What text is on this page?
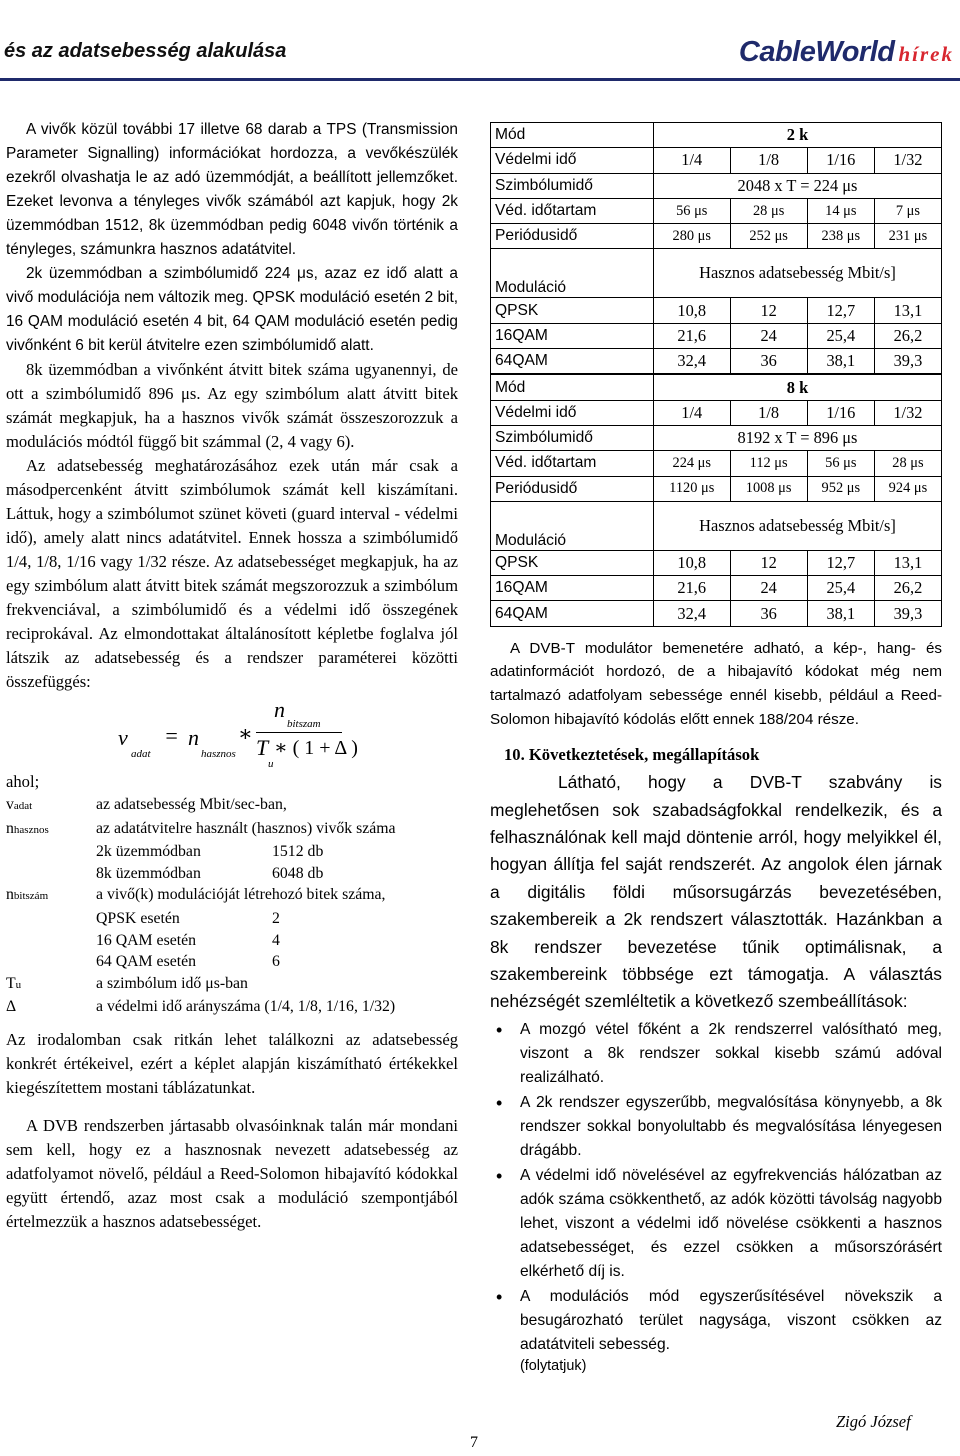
és az adatsebesség alakulása	CableWorld hírek

A vivők közül további 17 illetve 68 darab a TPS (Transmission Parameter Signalling) információkat hordozza, a vevőkészülék ezekről olvashatja le az adó üzemmódját, a beállított jellemzőket. Ezeket levonva a tényleges vivők számából azt kapjuk, hogy 2k üzemmódban 1512, 8k üzemmódban pedig 6048 vivőn történik a tényleges, számunkra hasznos adatátvitel.

2k üzemmódban a szimbólumidő 224 μs, azaz ez idő alatt a vivő modulációja nem változik meg. QPSK moduláció esetén 2 bit, 16 QAM moduláció esetén 4 bit, 64 QAM moduláció esetén pedig vivőnként 6 bit kerül átvitelre ezen szimbólumidő alatt.

8k üzemmódban a vivőnként átvitt bitek száma ugyanennyi, de ott a szimbólumidő 896 μs. Az egy szimbólum alatt átvitt bitek számát megkapjuk, ha a hasznos vivők számát összeszorozzuk a modulációs módtól függő bit számmal (2, 4 vagy 6).

Az adatsebesség meghatározásához ezek után már csak a másodpercenként átvitt szimbólumok számát kell kiszámítani. Láttuk, hogy a szimbólumot szünet követi (guard interval - védelmi idő), amely alatt nincs adatátvitel. Ennek hossza a szimbólumidő 1/4, 1/8, 1/16 vagy 1/32 része. Az adatsebességet megkapjuk, ha az egy szimbólum alatt átvitt bitek számát megszorozzuk a szimbólum frekvenciával, a szimbólumidő és a védelmi idő összegének reciprokával. Az elmondottakat általánosított képletbe foglalva jól látszik az adatsebesség és a rendszer paraméterei közötti összefüggés:

v
adat
= n
hasznos
∗
n
bitszam
T
u
∗ ( 1 + Δ )

ahol;

vadat	az adatsebesség Mbit/sec-ban,	
nhasznos	az adatátvitelre használt (hasznos) vivők száma	
	2k üzemmódban	1512 db
	8k üzemmódban	6048 db
nbitszám	a vivő(k) modulációját létrehozó bitek száma,	
	QPSK esetén	2
	16 QAM esetén	4
	64 QAM esetén	6
Tu	a szimbólum idő μs-ban	
Δ	a védelmi idő arányszáma (1/4, 1/8, 1/16, 1/32)	

Az irodalomban csak ritkán lehet találkozni az adatsebesség konkrét értékeivel, ezért a képlet alapján kiszámítható értékekkel kiegészítettem mostani táblázatunkat.

A DVB rendszerben jártasabb olvasóinknak talán már mondani sem kell, hogy ez a hasznosnak nevezett adatsebesség az adatfolyamot növelő, például a Reed-Solomon hibajavító kódokkal együtt értendő, azaz most csak a moduláció szempontjából értelmezzük a hasznos adatsebességet.

Mód	2 k			
Védelmi idő	1/4	1/8	1/16	1/32
Szimbólumidő	2048 x T = 224 μs			
Véd. időtartam	56 μs	28 μs	14 μs	7 μs
Periódusidő	280 μs	252 μs	238 μs	231 μs
Moduláció	Hasznos adatsebesség Mbit/s]			
QPSK	10,8	12	12,7	13,1
16QAM	21,6	24	25,4	26,2
64QAM	32,4	36	38,1	39,3
Mód	8 k			
Védelmi idő	1/4	1/8	1/16	1/32
Szimbólumidő	8192 x T = 896 μs			
Véd. időtartam	224 μs	112 μs	56 μs	28 μs
Periódusidő	1120 μs	1008 μs	952 μs	924 μs
Moduláció	Hasznos adatsebesség Mbit/s]			
QPSK	10,8	12	12,7	13,1
16QAM	21,6	24	25,4	26,2
64QAM	32,4	36	38,1	39,3

A DVB-T modulátor bemenetére adható, a kép-, hang- és adatinformációt hordozó, de a hibajavító kódokat még nem tartalmazó adatfolyam sebessége ennél kisebb, például a Reed-Solomon hibajavító kódolás előtt ennek 188/204 része.

10. Következtetések, megállapítások

Látható, hogy a DVB-T szabvány is meglehetősen sok szabadságfokkal rendelkezik, és a felhasználónak kell majd döntenie arról, hogy melyikkel él, hogyan állítja fel saját rendszerét. Az angolok élen járnak a digitális földi műsorsugárzás bevezetésében, szakembereik a 2k rendszert választották. Hazánkban a 8k rendszer bevezetése tűnik optimálisnak, a szakembereink többsége ezt támogatja. A választás nehézségét szemléltetik a következő szembeállítások:

• A mozgó vétel főként a 2k rendszerrel valósítható meg, viszont a 8k rendszer sokkal kisebb számú adóval realizálható.
• A 2k rendszer egyszerűbb, megvalósítása könynyebb, a 8k rendszer sokkal bonyolultabb és megvalósítása lényegesen drágább.
• A védelmi idő növelésével az egyfrekvenciás hálózatban az adók száma csökkenthető, az adók közötti távolság nagyobb lehet, viszont a védelmi idő növelése csökkenti a hasznos adatsebességet, és ezzel csökken a műsorszórásért elkérhető díj is.
• A modulációs mód egyszerűsítésével növekszik a besugározható terület nagysága, viszont csökken az adatátviteli sebesség.
(folytatjuk)
Zigó József
7
